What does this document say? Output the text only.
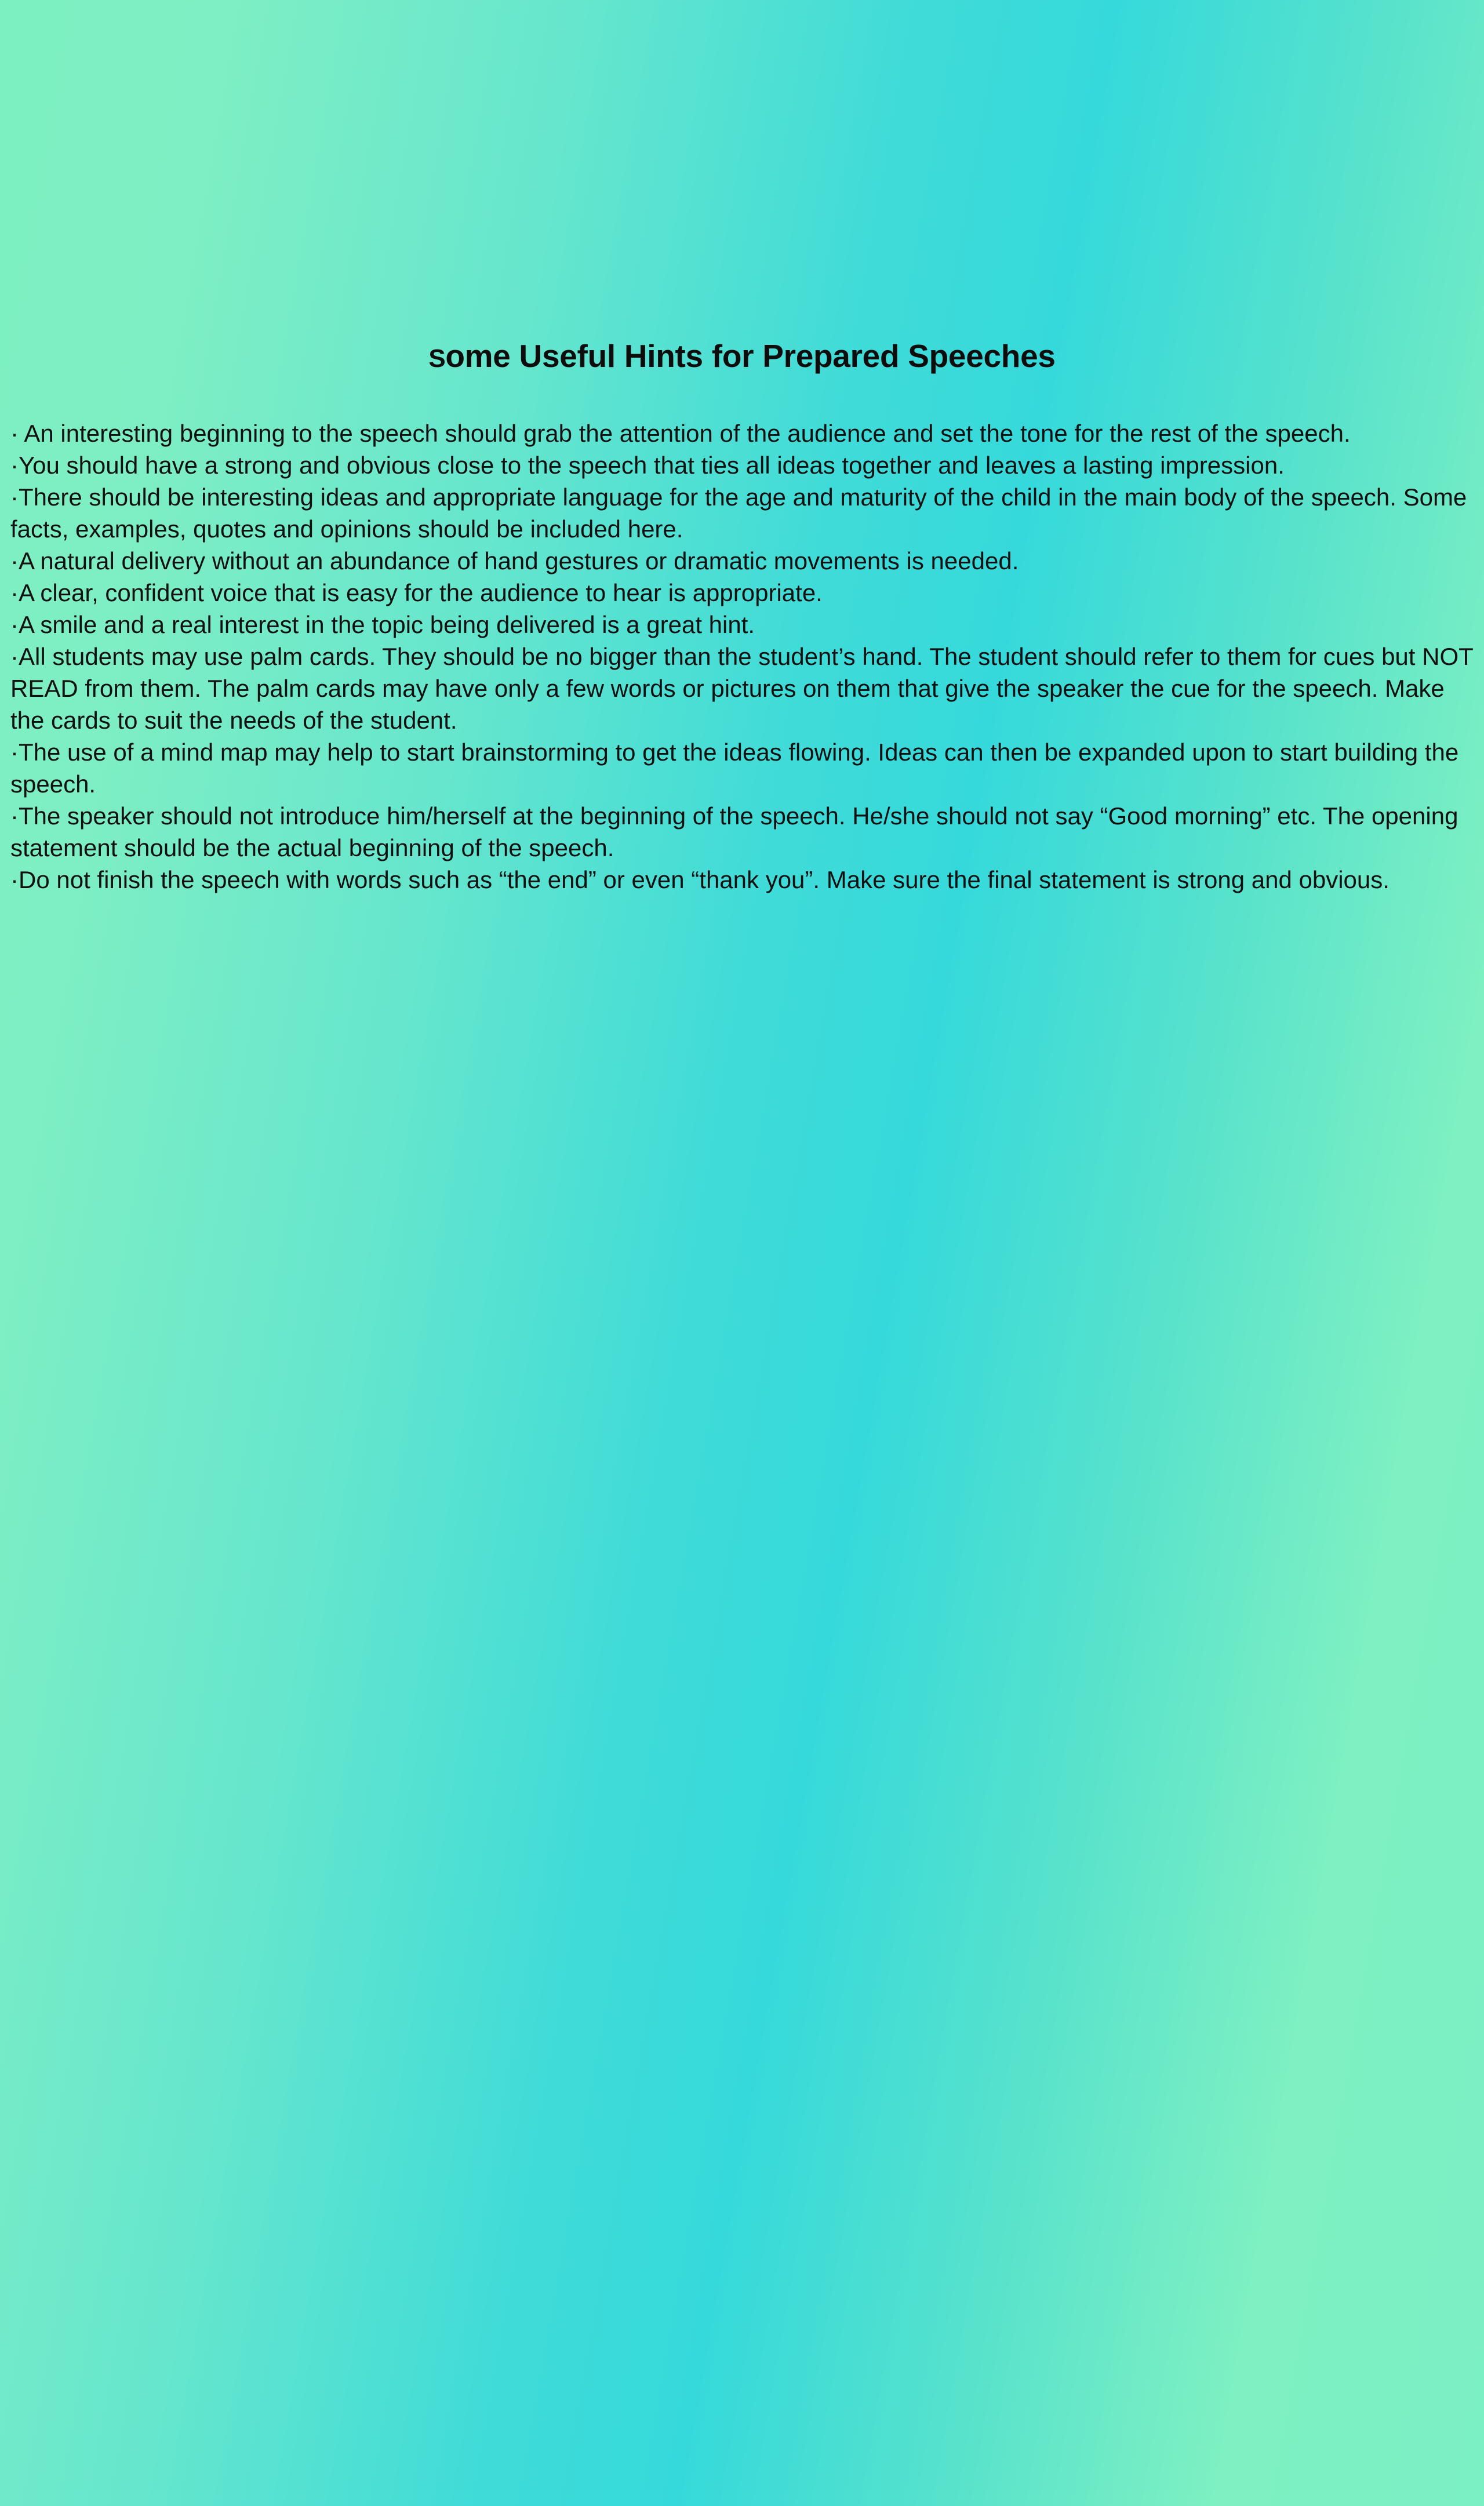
Some Useful Hints for Prepared Speeches

· An interesting beginning to the speech should grab the attention of the audience and set the tone for the rest of the speech.

·You should have a strong and obvious close to the speech that ties all ideas together and leaves a lasting impression.

·There should be interesting ideas and appropriate language for the age and maturity of the child in the main body of the speech. Some facts, examples, quotes and opinions should be included here.

·A natural delivery without an abundance of hand gestures or dramatic movements is needed.

·A clear, confident voice that is easy for the audience to hear is appropriate.

·A smile and a real interest in the topic being delivered is a great hint.

·All students may use palm cards. They should be no bigger than the student’s hand. The student should refer to them for cues but NOT READ from them. The palm cards may have only a few words or pictures on them that give the speaker the cue for the speech. Make the cards to suit the needs of the student.

·The use of a mind map may help to start brainstorming to get the ideas flowing. Ideas can then be expanded upon to start building the speech.

·The speaker should not introduce him/herself at the beginning of the speech. He/she should not say “Good morning” etc. The opening statement should be the actual beginning of the speech.

·Do not finish the speech with words such as “the end” or even “thank you”. Make sure the final statement is strong and obvious.
